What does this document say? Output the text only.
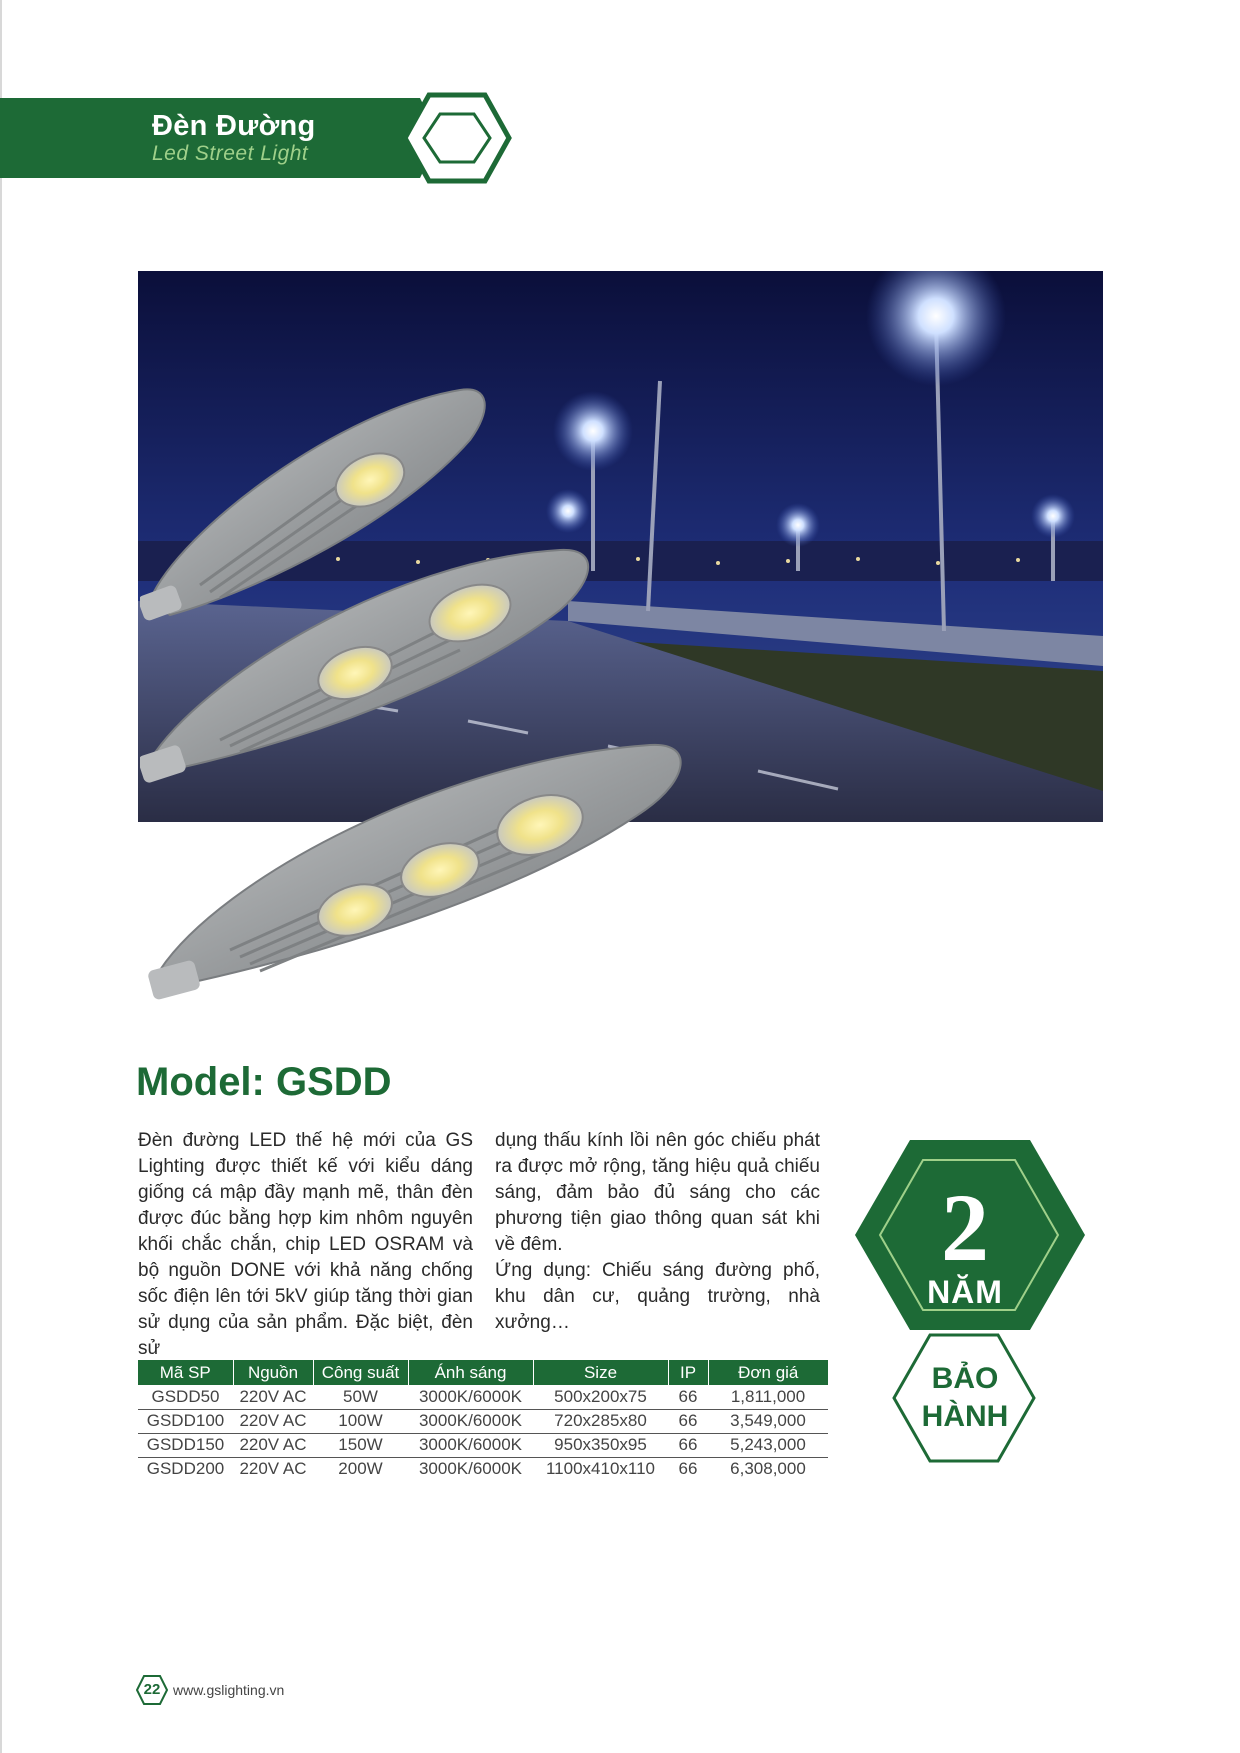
Đèn Đường
Led Street Light
Model: GSDD

Đèn đường LED thế hệ mới của GS Lighting được thiết kế với kiểu dáng giống cá mập đầy mạnh mẽ, thân đèn được đúc bằng hợp kim nhôm nguyên khối chắc chắn, chip LED OSRAM và bộ nguồn DONE với khả năng chống sốc điện lên tới 5kV giúp tăng thời gian sử dụng của sản phẩm. Đặc biệt, đèn sử

dụng thấu kính lồi nên góc chiếu phát ra được mở rộng, tăng hiệu quả chiếu sáng, đảm bảo đủ sáng cho các phương tiện giao thông quan sát khi về đêm.

Ứng dụng: Chiếu sáng đường phố, khu dân cư, quảng trường, nhà xưởng…

Mã SP	Nguồn	Công suất	Ánh sáng	Size	IP	Đơn giá
GSDD50	220V AC	50W	3000K/6000K	500x200x75	66	1,811,000
GSDD100	220V AC	100W	3000K/6000K	720x285x80	66	3,549,000
GSDD150	220V AC	150W	3000K/6000K	950x350x95	66	5,243,000
GSDD200	220V AC	200W	3000K/6000K	1100x410x110	66	6,308,000
2
NĂM
BẢO
HÀNH
22 www.gslighting.vn
